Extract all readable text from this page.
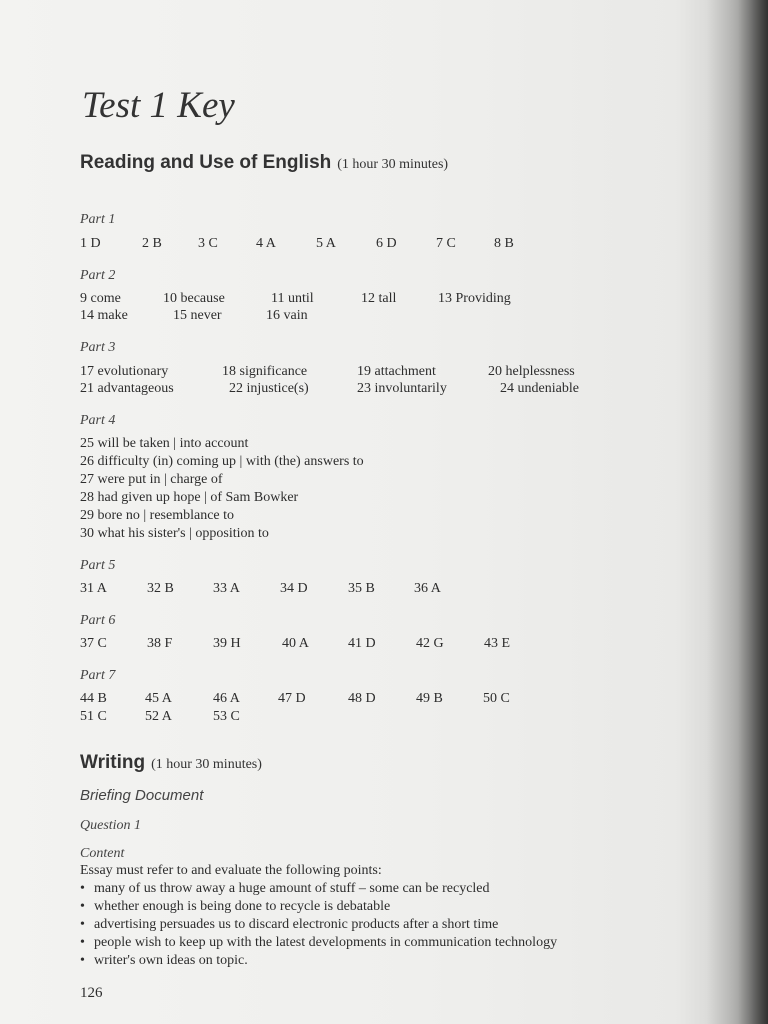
Test 1 Key
Reading and Use of English (1 hour 30 minutes)
Part 1
1 D	2 B	3 C	4 A	5 A	6 D	7 C	8 B
Part 2
9 come	10 because	11 until	12 tall	13 Providing
14 make	15 never	16 vain
Part 3
17 evolutionary	18 significance	19 attachment	20 helplessness
21 advantageous	22 injustice(s)	23 involuntarily	24 undeniable
Part 4
25 will be taken | into account
26 difficulty (in) coming up | with (the) answers to
27 were put in | charge of
28 had given up hope | of Sam Bowker
29 bore no | resemblance to
30 what his sister's | opposition to
Part 5
31 A	32 B	33 A	34 D	35 B	36 A
Part 6
37 C	38 F	39 H	40 A	41 D	42 G	43 E
Part 7
44 B	45 A	46 A	47 D	48 D	49 B	50 C
51 C	52 A	53 C
Writing (1 hour 30 minutes)
Briefing Document
Question 1
Content
Essay must refer to and evaluate the following points:
• many of us throw away a huge amount of stuff – some can be recycled
• whether enough is being done to recycle is debatable
• advertising persuades us to discard electronic products after a short time
• people wish to keep up with the latest developments in communication technology
• writer's own ideas on topic.
126
